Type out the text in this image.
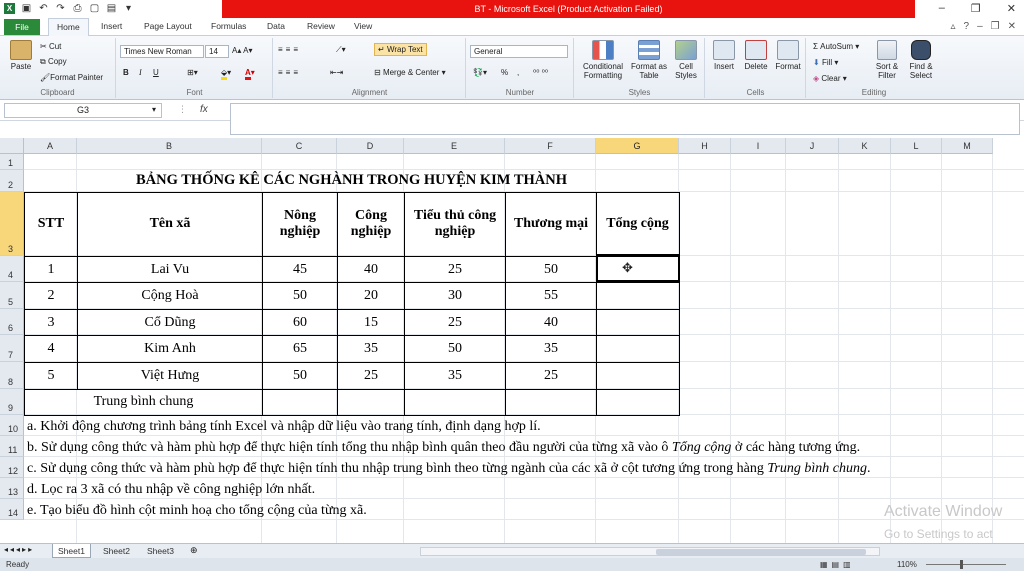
X ▣ ↶ ↷ ⎙ ▢ ▤ ▾	BT - Microsoft Excel (Product Activation Failed)	– ❐ ✕
File	Home	Insert	Page Layout Formulas Data	Review View	▵ ? – ❐ ✕
Paste
✂ Cut
⧉ Copy
🖌Format Painter
Clipboard
Times New Roman	14	A▴ A▾
B I U	⊞▾	⬙▾ A▾
Font
≡≡≡	⟋▾	↵ Wrap Text
≡≡≡	⇤⇥	⊟ Merge & Center ▾
Alignment
General
💱▾ % , ⁰⁰ ⁰⁰
Number
Conditional Formatting
Format as Table
Cell Styles
Styles
Insert	Delete Format
Cells
Σ AutoSum ▾
⬇ Fill ▾
◈ Clear ▾
Sort & Filter
Find & Select
Editing
G3	▾ ⋮ fx
A	B	C	D	E	F	G	H	I	J	K	L	M
1
2
3
4
5
6
7
8
9
10
11
12
13
14
BẢNG THỐNG KÊ CÁC NGHÀNH TRONG HUYỆN KIM THÀNH
STT	Tên xã
Nông nghiệp
Công nghiệp
Tiểu thủ công nghiệp
Thương mại	Tổng cộng
1	Lai Vu	45	40	25	50
2	Cộng Hoà	50	20	30	55
3	Cổ Dũng	60	15	25	40
4	Kim Anh	65	35	50	35
5	Việt Hưng	50	25	35	25
Trung bình chung
✥
a. Khởi động chương trình bảng tính Excel và nhập dữ liệu vào trang tính, định dạng hợp lí.
b. Sử dụng công thức và hàm phù hợp để thực hiện tính tổng thu nhập bình quân theo đầu người của từng xã vào ô Tổng cộng ở các hàng tương ứng.
c. Sử dụng công thức và hàm phù hợp để thực hiện tính thu nhập trung bình theo từng ngành của các xã ở cột tương ứng trong hàng Trung bình chung.
d. Lọc ra 3 xã có thu nhập về công nghiệp lớn nhất.
e. Tạo biểu đồ hình cột minh hoạ cho tổng cộng của từng xã.	Activate Window
Go to Settings to act
◂◂◂▸▸	Sheet1	Sheet2	Sheet3	⊕
Ready	▦▤▥	110%
